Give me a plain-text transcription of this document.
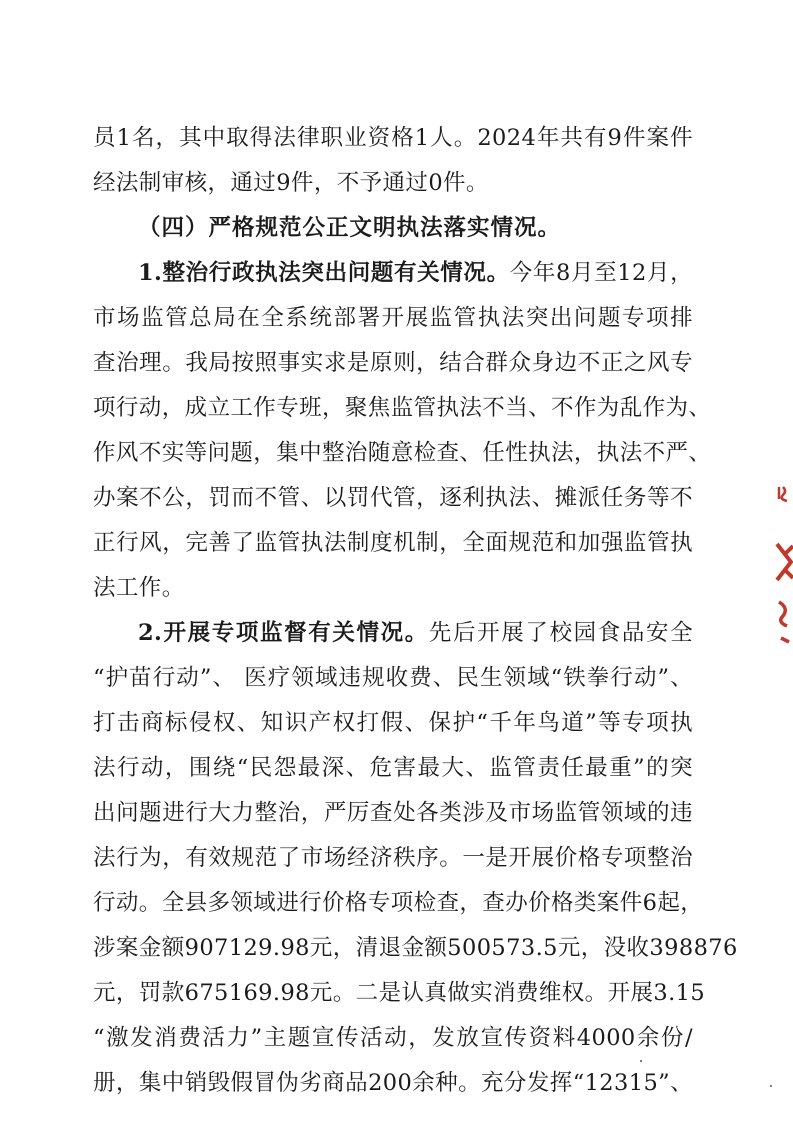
员1名，其中取得法律职业资格1人。2024年共有9件案件
经法制审核，通过9件，不予通过0件。
（四）严格规范公正文明执法落实情况。
1.整治行政执法突出问题有关情况。今年8月至12月，
市场监管总局在全系统部署开展监管执法突出问题专项排
查治理。我局按照事实求是原则，结合群众身边不正之风专
项行动，成立工作专班，聚焦监管执法不当、不作为乱作为、
作风不实等问题，集中整治随意检查、任性执法，执法不严、
办案不公，罚而不管、以罚代管，逐利执法、摊派任务等不
正行风，完善了监管执法制度机制，全面规范和加强监管执
法工作。
2.开展专项监督有关情况。先后开展了校园食品安全
“护苗行动”、 医疗领域违规收费、民生领域“铁拳行动”、
打击商标侵权、知识产权打假、保护“千年鸟道”等专项执
法行动，围绕“民怨最深、危害最大、监管责任最重”的突
出问题进行大力整治，严厉查处各类涉及市场监管领域的违
法行为，有效规范了市场经济秩序。一是开展价格专项整治
行动。全县多领域进行价格专项检查，查办价格类案件6起，
涉案金额907129.98元，清退金额500573.5元，没收398876
元，罚款675169.98元。二是认真做实消费维权。开展3.15
“激发消费活力”主题宣传活动，发放宣传资料4000余份/
册，集中销毁假冒伪劣商品200余种。充分发挥“12315”、
